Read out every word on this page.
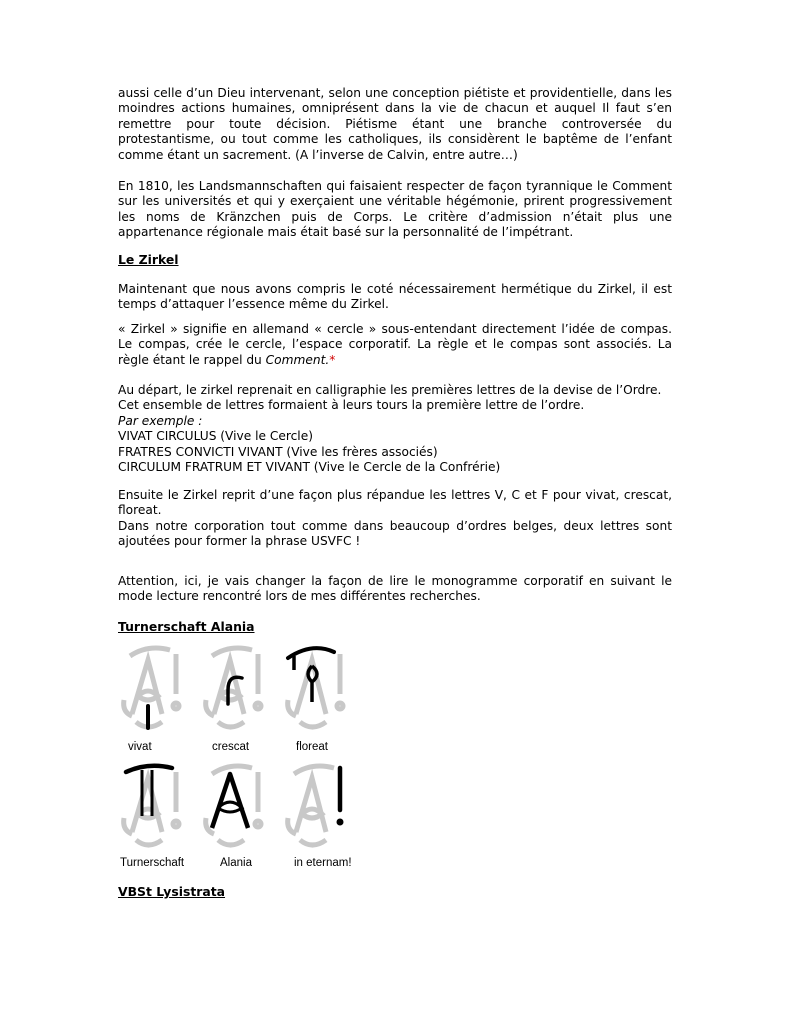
aussi celle d’un Dieu intervenant, selon une conception piétiste et providentielle, dans les
moindres actions humaines, omniprésent dans la vie de chacun et auquel Il faut s’en
remettre pour toute décision. Piétisme étant une branche controversée du
protestantisme, ou tout comme les catholiques, ils considèrent le baptême de l’enfant
comme étant un sacrement. (A l’inverse de Calvin, entre autre…)
En 1810, les Landsmannschaften qui faisaient respecter de façon tyrannique le Comment
sur les universités et qui y exerçaient une véritable hégémonie, prirent progressivement
les noms de Kränzchen puis de Corps. Le critère d’admission n’était plus une
appartenance régionale mais était basé sur la personnalité de l’impétrant.
Le Zirkel
Maintenant que nous avons compris le coté nécessairement hermétique du Zirkel, il est
temps d’attaquer l’essence même du Zirkel.
« Zirkel » signifie en allemand « cercle » sous-entendant directement l’idée de compas.
Le compas, crée le cercle, l’espace corporatif. La règle et le compas sont associés. La
règle étant le rappel du Comment.*
Au départ, le zirkel reprenait en calligraphie les premières lettres de la devise de l’Ordre.
Cet ensemble de lettres formaient à leurs tours la première lettre de l’ordre.
Par exemple :
VIVAT CIRCULUS (Vive le Cercle)
FRATRES CONVICTI VIVANT (Vive les frères associés)
CIRCULUM FRATRUM ET VIVANT (Vive le Cercle de la Confrérie)
Ensuite le Zirkel reprit d’une façon plus répandue les lettres V, C et F pour vivat, crescat,
floreat.
Dans notre corporation tout comme dans beaucoup d’ordres belges, deux lettres sont
ajoutées pour former la phrase USVFC !
Attention, ici, je vais changer la façon de lire le monogramme corporatif en suivant le
mode lecture rencontré lors de mes différentes recherches.
Turnerschaft Alania
vivat	crescat	floreat
Turnerschaft	Alania	in eternam!
VBSt Lysistrata
